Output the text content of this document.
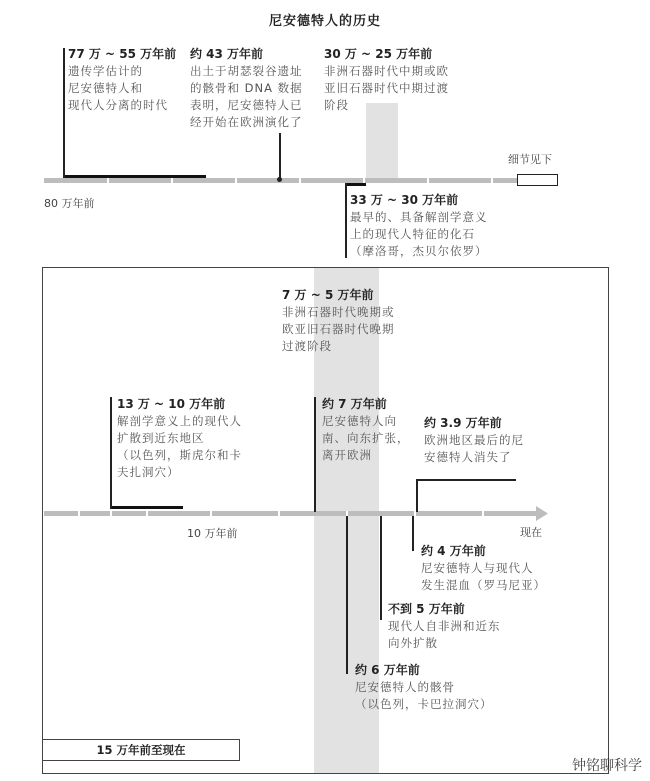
尼安德特人的历史
80 万年前
细节见下
77 万 ~ 55 万年前
遗传学估计的
尼安德特人和
现代人分离的时代
约 43 万年前
出土于胡瑟裂谷遗址
的骸骨和 DNA 数据
表明，尼安德特人已
经开始在欧洲演化了
30 万 ~ 25 万年前
非洲石器时代中期或欧
亚旧石器时代中期过渡
阶段
33 万 ~ 30 万年前
最早的、具备解剖学意义
上的现代人特征的化石
（摩洛哥，杰贝尔依罗）
10 万年前	现在
7 万 ~ 5 万年前
非洲石器时代晚期或
欧亚旧石器时代晚期
过渡阶段
13 万 ~ 10 万年前
解剖学意义上的现代人
扩散到近东地区
（以色列，斯虎尔和卡
夫扎洞穴）
约 7 万年前
尼安德特人向
南、向东扩张，
离开欧洲
约 3.9 万年前
欧洲地区最后的尼
安德特人消失了
约 4 万年前
尼安德特人与现代人
发生混血（罗马尼亚）
不到 5 万年前
现代人自非洲和近东
向外扩散
约 6 万年前
尼安德特人的骸骨
（以色列，卡巴拉洞穴）
15 万年前至现在
钟铭聊科学
